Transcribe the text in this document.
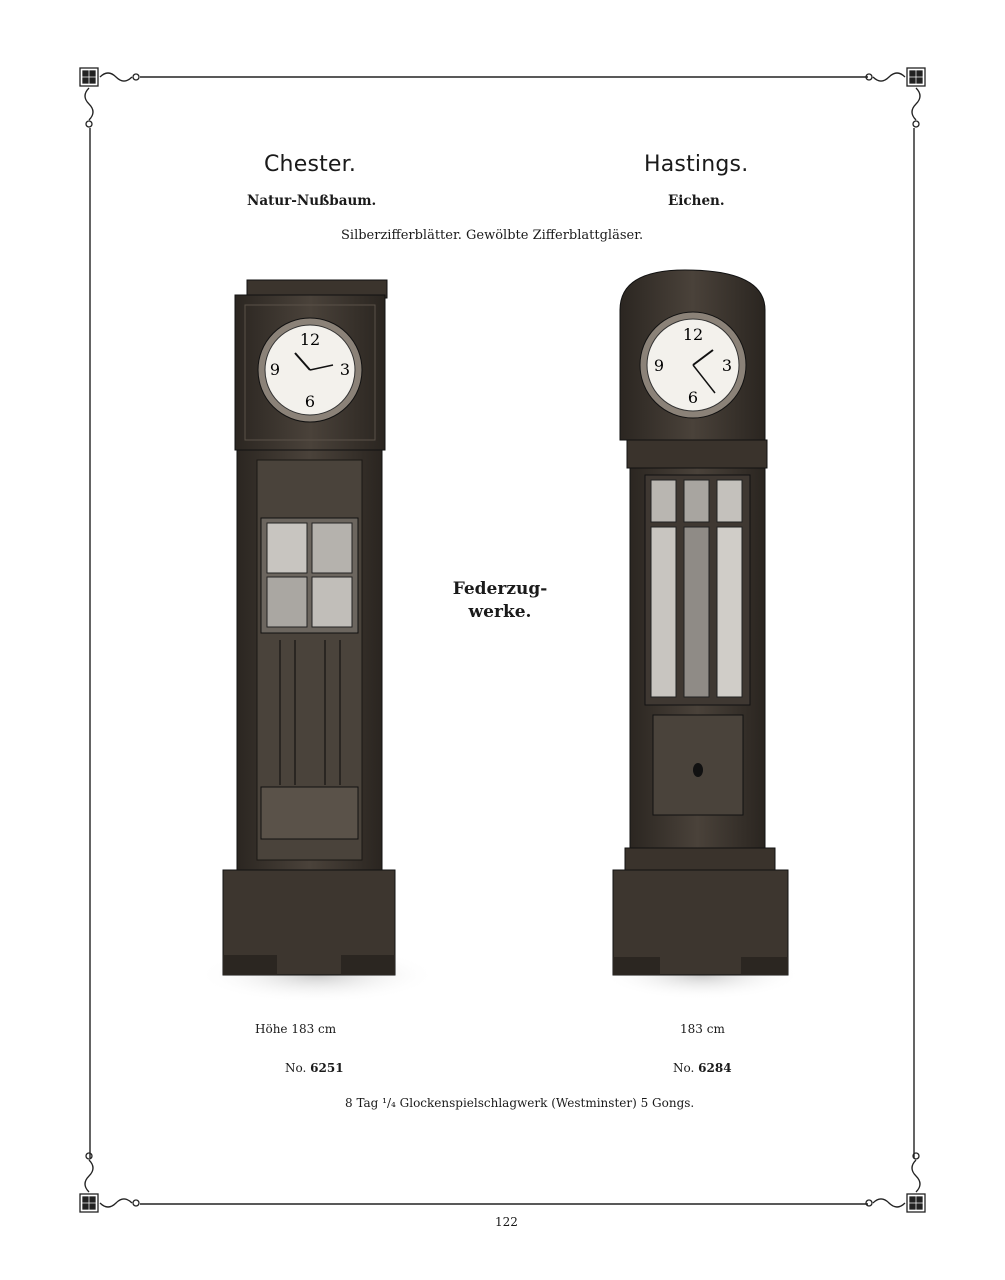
Chester.	Hastings.
Natur-Nußbaum.	Eichen.
Silberzifferblätter. Gewölbte Zifferblattgläser.
12
3
6
9
12
3
6
9
Federzug-
werke.
Höhe 183 cm	183 cm
No. 6251	No. 6284
8 Tag ¹/₄ Glockenspielschlagwerk (Westminster) 5 Gongs.
122
